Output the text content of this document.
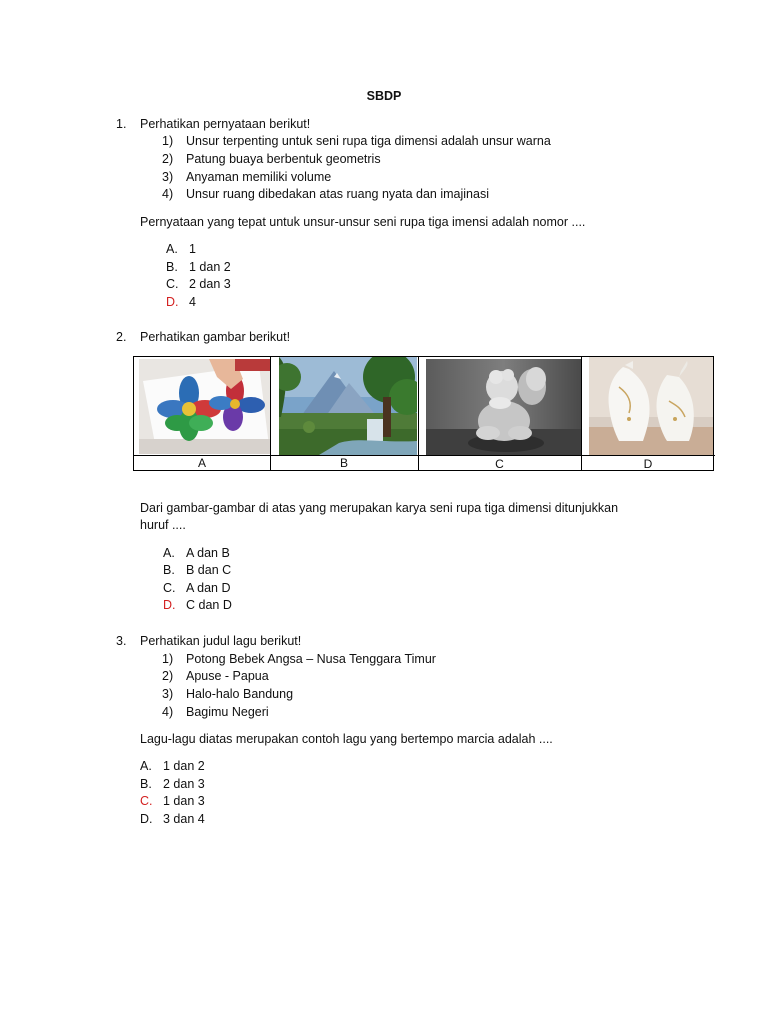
SBDP
1. Perhatikan pernyataan berikut!
1) Unsur terpenting untuk seni rupa tiga dimensi adalah unsur warna
2) Patung buaya berbentuk geometris
3) Anyaman memiliki volume
4) Unsur ruang dibedakan atas ruang nyata dan imajinasi
Pernyataan yang tepat untuk unsur-unsur seni rupa tiga imensi adalah nomor ....
A. 1
B. 1 dan 2
C. 2 dan 3
D. 4
2. Perhatikan gambar berikut!
A	B	C	D
Dari gambar-gambar di atas yang merupakan karya seni rupa tiga dimensi ditunjukkan
huruf ....
A. A dan B
B. B dan C
C. A dan D
D. C dan D
3. Perhatikan judul lagu berikut!
1) Potong Bebek Angsa – Nusa Tenggara Timur
2) Apuse - Papua
3) Halo-halo Bandung
4) Bagimu Negeri
Lagu-lagu diatas merupakan contoh lagu yang bertempo marcia adalah ....
A. 1 dan 2
B. 2 dan 3
C. 1 dan 3
D. 3 dan 4
